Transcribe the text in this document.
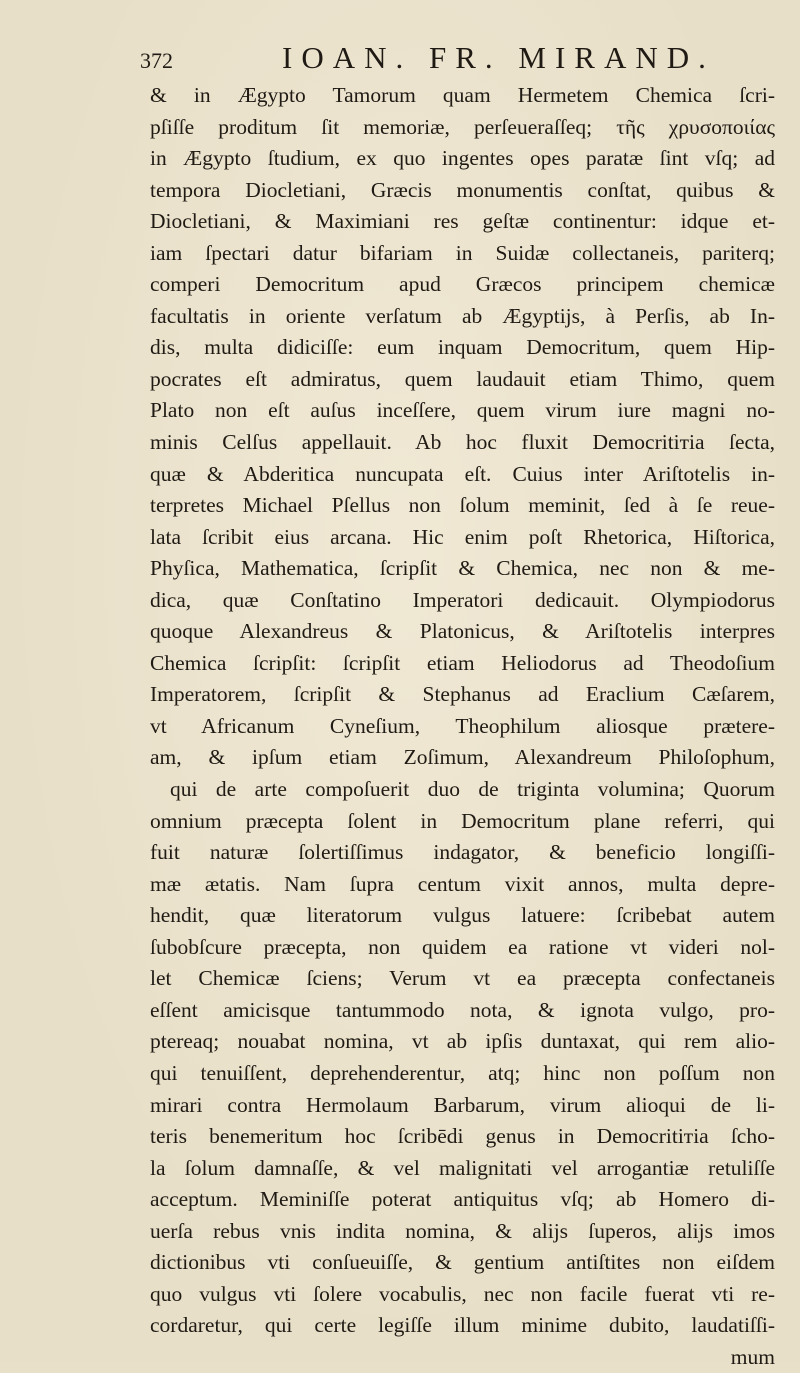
372	IOAN. FR. MIRAND.
& in Ægypto Tamorum quam Hermetem Chemica ſcri-
pſiſſe proditum ſit memoriæ, perſeueraſſeq; τῆς χρυσοποιίας
in Ægypto ſtudium, ex quo ingentes opes paratæ ſint vſq; ad
tempora Diocletiani, Græcis monumentis conſtat, quibus &
Diocletiani, & Maximiani res geſtæ continentur: idque et-
iam ſpectari datur bifariam in Suidæ collectaneis, pariterq;
comperi Democritum apud Græcos principem chemicæ
facultatis in oriente verſatum ab Ægyptijs, à Perſis, ab In-
dis, multa didiciſſe: eum inquam Democritum, quem Hip-
pocrates eſt admiratus, quem laudauit etiam Thimo, quem
Plato non eſt auſus inceſſere, quem virum iure magni no-
minis Celſus appellauit. Ab hoc fluxit Democritiтia ſecta,
quæ & Abderitica nuncupata eſt. Cuius inter Ariſtotelis in-
terpretes Michael Pſellus non ſolum meminit, ſed à ſe reue-
lata ſcribit eius arcana. Hic enim poſt Rhetorica, Hiſtorica,
Phyſica, Mathematica, ſcripſit & Chemica, nec non & me-
dica, quæ Conſtatino Imperatori dedicauit. Olympiodorus
quoque Alexandreus & Platonicus, & Ariſtotelis interpres
Chemica ſcripſit: ſcripſit etiam Heliodorus ad Theodoſium
Imperatorem, ſcripſit & Stephanus ad Eraclium Cæſarem,
vt Africanum Cyneſium, Theophilum aliosque prætere-
am, & ipſum etiam Zoſimum, Alexandreum Philoſophum,
qui de arte compoſuerit duo de triginta volumina; Quorum
omnium præcepta ſolent in Democritum plane referri, qui
fuit naturæ ſolertiſſimus indagator, & beneficio longiſſi-
mæ ætatis. Nam ſupra centum vixit annos, multa depre-
hendit, quæ literatorum vulgus latuere: ſcribebat autem
ſubobſcure præcepta, non quidem ea ratione vt videri nol-
let Chemicæ ſciens; Verum vt ea præcepta confectaneis
eſſent amicisque tantummodo nota, & ignota vulgo, pro-
ptereaq; nouabat nomina, vt ab ipſis duntaxat, qui rem alio-
qui tenuiſſent, deprehenderentur, atq; hinc non poſſum non
mirari contra Hermolaum Barbarum, virum alioqui de li-
teris benemeritum hoc ſcribēdi genus in Democritiтia ſcho-
la ſolum damnaſſe, & vel malignitati vel arrogantiæ retuliſſe
acceptum. Meminiſſe poterat antiquitus vſq; ab Homero di-
uerſa rebus vnis indita nomina, & alijs ſuperos, alijs imos
dictionibus vti conſueuiſſe, & gentium antiſtites non eiſdem
quo vulgus vti ſolere vocabulis, nec non facile fuerat vti re-
cordaretur, qui certe legiſſe illum minime dubito, laudatiſſi-
mum
